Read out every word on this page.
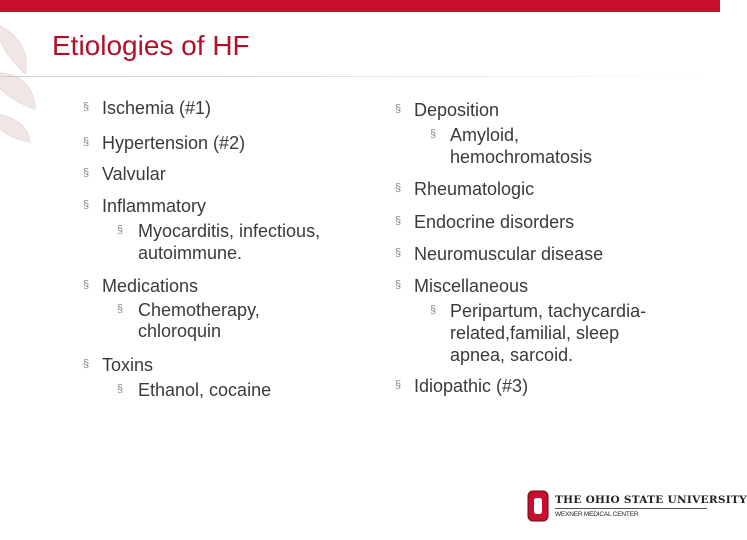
Etiologies of HF
§ Ischemia (#1)
§ Hypertension (#2)
§ Valvular
§ Inflammatory
§ Myocarditis, infectious,
autoimmune.
§ Medications
§ Chemotherapy,
chloroquin
§ Toxins
§ Ethanol, cocaine
§ Deposition
§ Amyloid,
hemochromatosis
§ Rheumatologic
§ Endocrine disorders
§ Neuromuscular disease
§ Miscellaneous
§ Peripartum, tachycardia-
related,familial, sleep
apnea, sarcoid.
§ Idiopathic (#3)
THE OHIO STATE UNIVERSITY
WEXNER MEDICAL CENTER
